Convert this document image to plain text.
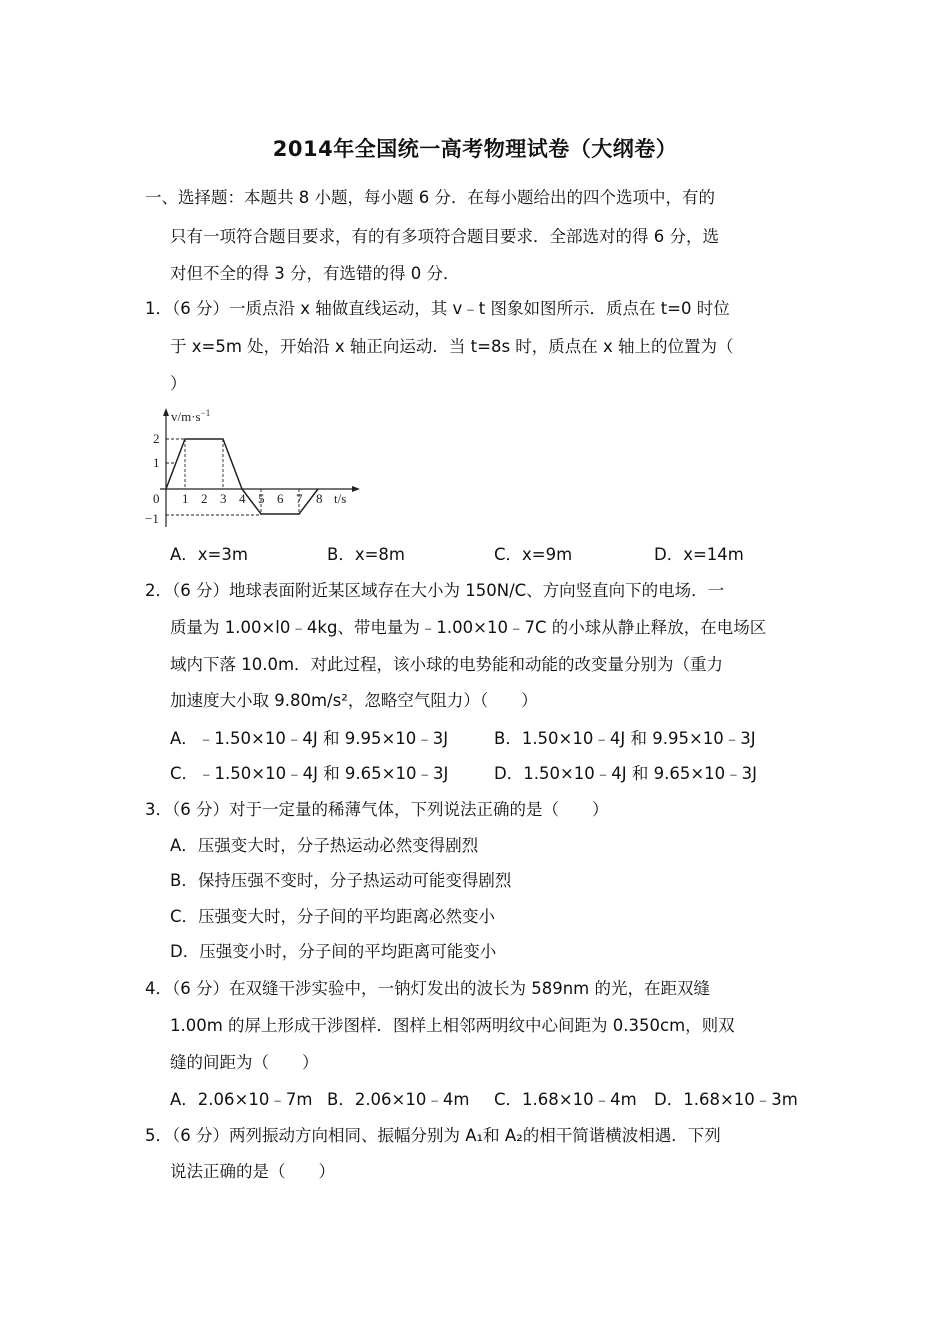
2014年全国统一高考物理试卷（大纲卷）
一、选择题：本题共 8 小题，每小题 6 分．在每小题给出的四个选项中，有的
只有一项符合题目要求，有的有多项符合题目要求．全部选对的得 6 分，选
对但不全的得 3 分，有选错的得 0 分．
1．（6 分）一质点沿 x 轴做直线运动，其 v﹣t 图象如图所示．质点在 t=0 时位
于 x=5m 处，开始沿 x 轴正向运动．当 t=8s 时，质点在 x 轴上的位置为（
）
$v/m\cdot s^{-1}$
t/s
2
1
0
−1
1 2 3 4 5 6 7 8
A．x=3m	B．x=8m	C．x=9m	D．x=14m
2．（6 分）地球表面附近某区域存在大小为 150N/C、方向竖直向下的电场．一
质量为 1.00×l0﹣4kg、带电量为﹣1.00×10﹣7C 的小球从静止释放，在电场区
域内下落 10.0m．对此过程，该小球的电势能和动能的改变量分别为（重力
加速度大小取 9.80m/s²，忽略空气阻力）（　　）
A．﹣1.50×10﹣4J 和 9.95×10﹣3J	B．1.50×10﹣4J 和 9.95×10﹣3J
C．﹣1.50×10﹣4J 和 9.65×10﹣3J	D．1.50×10﹣4J 和 9.65×10﹣3J
3．（6 分）对于一定量的稀薄气体，下列说法正确的是（　　）
A．压强变大时，分子热运动必然变得剧烈
B．保持压强不变时，分子热运动可能变得剧烈
C．压强变大时，分子间的平均距离必然变小
D．压强变小时，分子间的平均距离可能变小
4．（6 分）在双缝干涉实验中，一钠灯发出的波长为 589nm 的光，在距双缝
1.00m 的屏上形成干涉图样．图样上相邻两明纹中心间距为 0.350cm，则双
缝的间距为（　　）
A．2.06×10﹣7m B．2.06×10﹣4m C．1.68×10﹣4m D．1.68×10﹣3m
5．（6 分）两列振动方向相同、振幅分别为 A₁和 A₂的相干简谐横波相遇．下列
说法正确的是（　　）
